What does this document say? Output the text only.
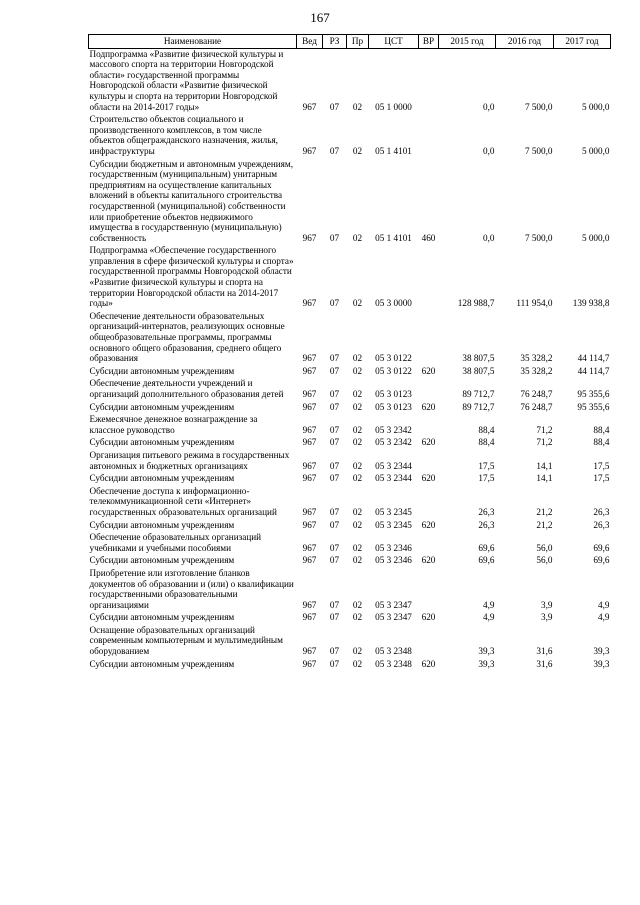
167
Наименование	Вед	РЗ	Пр	ЦСТ	ВР	2015 год	2016 год	2017 год
Подпрограмма «Развитие физической культуры и массового спорта на территории Новгородской области» государственной программы Новгородской области «Развитие физической культуры и спорта на территории Новгородской области на 2014-2017 годы»	967	07	02	05 1 0000		0,0	7 500,0	5 000,0
Строительство объектов социального и производственного комплексов, в том числе объектов общегражданского назначения, жилья, инфраструктуры	967	07	02	05 1 4101		0,0	7 500,0	5 000,0
Субсидии бюджетным и автономным учреждениям, государственным (муниципальным) унитарным предприятиям на осуществление капитальных вложений в объекты капитального строительства государственной (муниципальной) собственности или приобретение объектов недвижимого имущества в государственную (муниципальную) собственность	967	07	02	05 1 4101	460	0,0	7 500,0	5 000,0
Подпрограмма «Обеспечение государственного управления в сфере физической культуры и спорта» государственной программы Новгородской области «Развитие физической культуры и спорта на территории Новгородской области на 2014-2017 годы»	967	07	02	05 3 0000		128 988,7	111 954,0	139 938,8
Обеспечение деятельности образовательных организаций-интернатов, реализующих основные общеобразовательные программы, программы основного общего образования, среднего общего образования	967	07	02	05 3 0122		38 807,5	35 328,2	44 114,7
Субсидии автономным учреждениям	967	07	02	05 3 0122	620	38 807,5	35 328,2	44 114,7
Обеспечение деятельности учреждений и организаций дополнительного образования детей	967	07	02	05 3 0123		89 712,7	76 248,7	95 355,6
Субсидии автономным учреждениям	967	07	02	05 3 0123	620	89 712,7	76 248,7	95 355,6
Ежемесячное денежное вознаграждение за классное руководство	967	07	02	05 3 2342		88,4	71,2	88,4
Субсидии автономным учреждениям	967	07	02	05 3 2342	620	88,4	71,2	88,4
Организация питьевого режима в государственных автономных и бюджетных организациях	967	07	02	05 3 2344		17,5	14,1	17,5
Субсидии автономным учреждениям	967	07	02	05 3 2344	620	17,5	14,1	17,5
Обеспечение доступа к информационно-телекоммуникационной сети «Интернет» государственных образовательных организаций	967	07	02	05 3 2345		26,3	21,2	26,3
Субсидии автономным учреждениям	967	07	02	05 3 2345	620	26,3	21,2	26,3
Обеспечение образовательных организаций учебниками и учебными пособиями	967	07	02	05 3 2346		69,6	56,0	69,6
Субсидии автономным учреждениям	967	07	02	05 3 2346	620	69,6	56,0	69,6
Приобретение или изготовление бланков документов об образовании и (или) о квалификации государственными образовательными организациями	967	07	02	05 3 2347		4,9	3,9	4,9
Субсидии автономным учреждениям	967	07	02	05 3 2347	620	4,9	3,9	4,9
Оснащение образовательных организаций современным компьютерным и мультимедийным оборудованием	967	07	02	05 3 2348		39,3	31,6	39,3
Субсидии автономным учреждениям	967	07	02	05 3 2348	620	39,3	31,6	39,3
